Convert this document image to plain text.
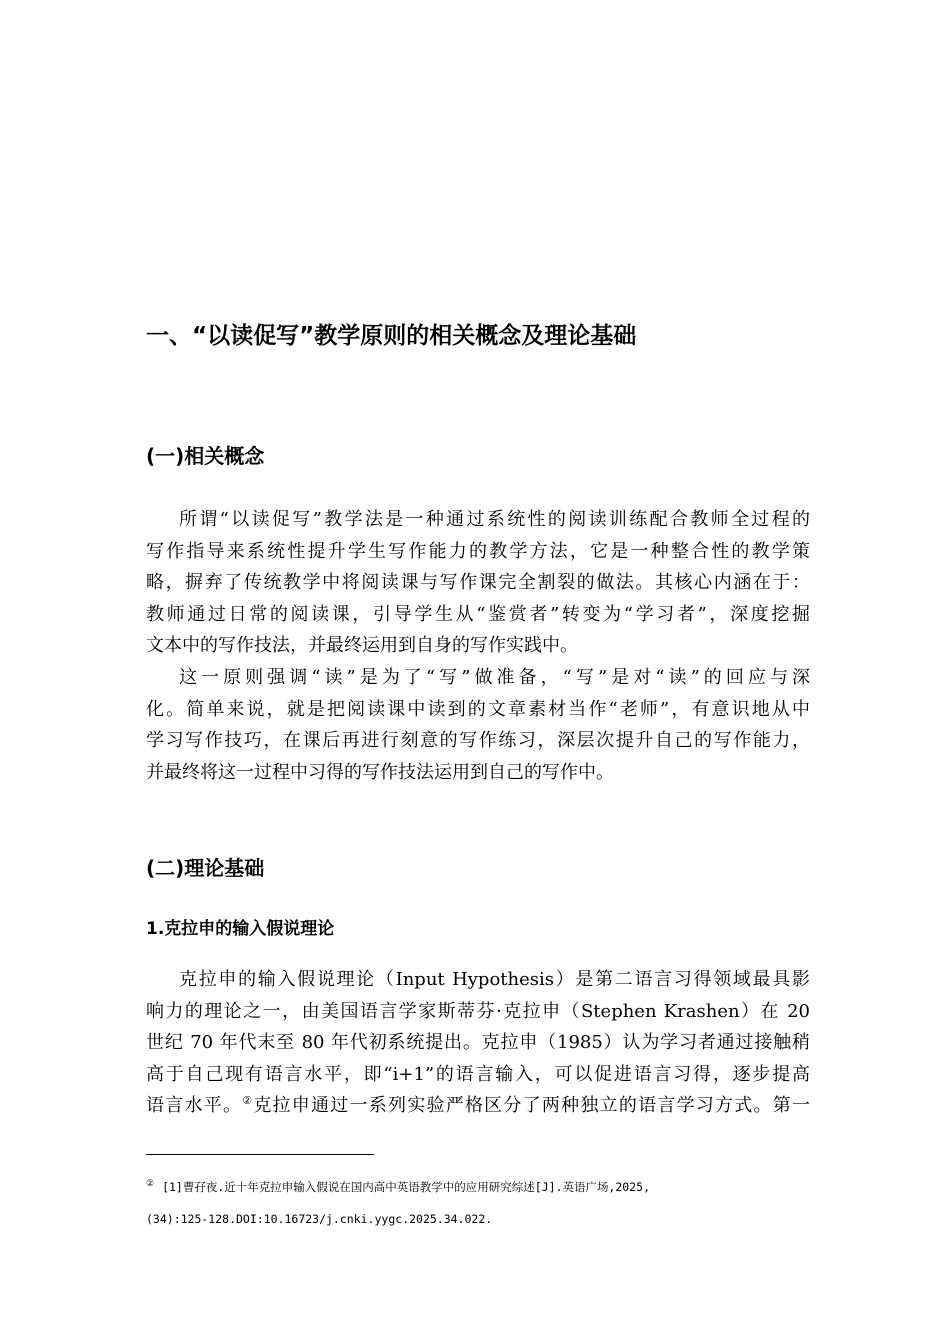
一、“以读促写”教学原则的相关概念及理论基础
(一)相关概念
所谓“以读促写”教学法是一种通过系统性的阅读训练配合教师全过程的
写作指导来系统性提升学生写作能力的教学方法，它是一种整合性的教学策
略，摒弃了传统教学中将阅读课与写作课完全割裂的做法。其核心内涵在于：
教师通过日常的阅读课，引导学生从“鉴赏者”转变为“学习者”，深度挖掘
文本中的写作技法，并最终运用到自身的写作实践中。
这一原则强调“读”是为了“写”做准备，“写”是对“读”的回应与深
化。简单来说，就是把阅读课中读到的文章素材当作“老师”，有意识地从中
学习写作技巧，在课后再进行刻意的写作练习，深层次提升自己的写作能力，
并最终将这一过程中习得的写作技法运用到自己的写作中。
(二)理论基础
1.克拉申的输入假说理论
克拉申的输入假说理论（Input Hypothesis）是第二语言习得领域最具影
响力的理论之一，由美国语言学家斯蒂芬·克拉申（Stephen Krashen）在 20
世纪 70 年代末至 80 年代初系统提出。克拉申（1985）认为学习者通过接触稍
高于自己现有语言水平，即“i+1”的语言输入，可以促进语言习得，逐步提高
语言水平。②克拉申通过一系列实验严格区分了两种独立的语言学习方式。第一
② [1]曹孖夜.近十年克拉申输入假说在国内高中英语教学中的应用研究综述[J].英语广场,2025,
(34):125-128.DOI:10.16723/j.cnki.yygc.2025.34.022.
